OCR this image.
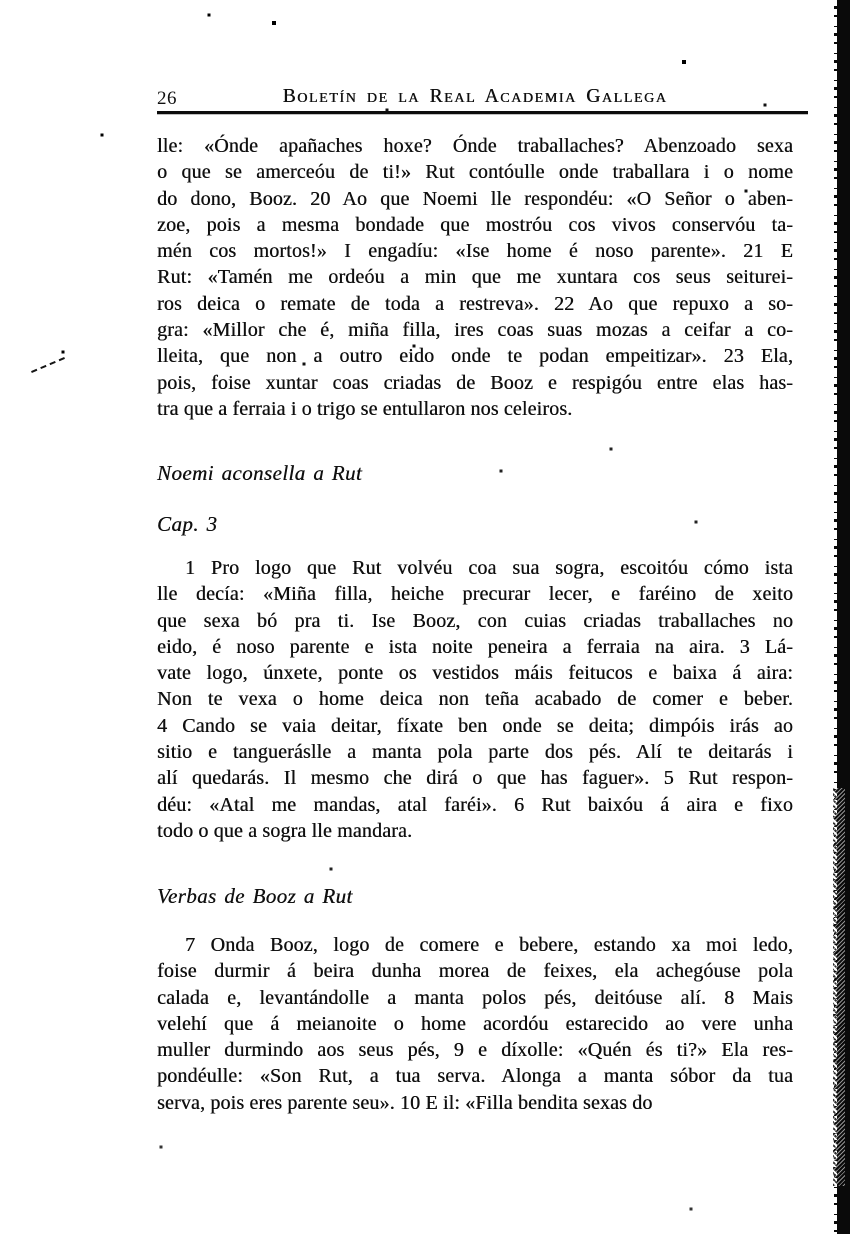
26	Boletín de la Real Academia Gallega
lle: «Ónde apañaches hoxe? Ónde traballaches? Abenzoado sexa
o que se amerceóu de ti!» Rut contóulle onde traballara i o nome
do dono, Booz. 20 Ao que Noemi lle respondéu: «O Señor o aben-
zoe, pois a mesma bondade que mostróu cos vivos conservóu ta-
mén cos mortos!» I engadíu: «Ise home é noso parente». 21 E
Rut: «Tamén me ordeóu a min que me xuntara cos seus seiturei-
ros deica o remate de toda a restreva». 22 Ao que repuxo a so-
gra: «Millor che é, miña filla, ires coas suas mozas a ceifar a co-
lleita, que non a outro eido onde te podan empeitizar». 23 Ela,
pois, foise xuntar coas criadas de Booz e respigóu entre elas has-
tra que a ferraia i o trigo se entullaron nos celeiros.
Noemi aconsella a Rut
Cap. 3
1 Pro logo que Rut volvéu coa sua sogra, escoitóu cómo ista
lle decía: «Miña filla, heiche precurar lecer, e faréino de xeito
que sexa bó pra ti. Ise Booz, con cuias criadas traballaches no
eido, é noso parente e ista noite peneira a ferraia na aira. 3 Lá-
vate logo, únxete, ponte os vestidos máis feitucos e baixa á aira:
Non te vexa o home deica non teña acabado de comer e beber.
4 Cando se vaia deitar, fíxate ben onde se deita; dimpóis irás ao
sitio e tangueráslle a manta pola parte dos pés. Alí te deitarás i
alí quedarás. Il mesmo che dirá o que has faguer». 5 Rut respon-
déu: «Atal me mandas, atal faréi». 6 Rut baixóu á aira e fixo
todo o que a sogra lle mandara.
Verbas de Booz a Rut
7 Onda Booz, logo de comere e bebere, estando xa moi ledo,
foise durmir á beira dunha morea de feixes, ela achegóuse pola
calada e, levantándolle a manta polos pés, deitóuse alí. 8 Mais
velehí que á meianoite o home acordóu estarecido ao vere unha
muller durmindo aos seus pés, 9 e díxolle: «Quén és ti?» Ela res-
pondéulle: «Son Rut, a tua serva. Alonga a manta sóbor da tua
serva, pois eres parente seu». 10 E il: «Filla bendita sexas do
